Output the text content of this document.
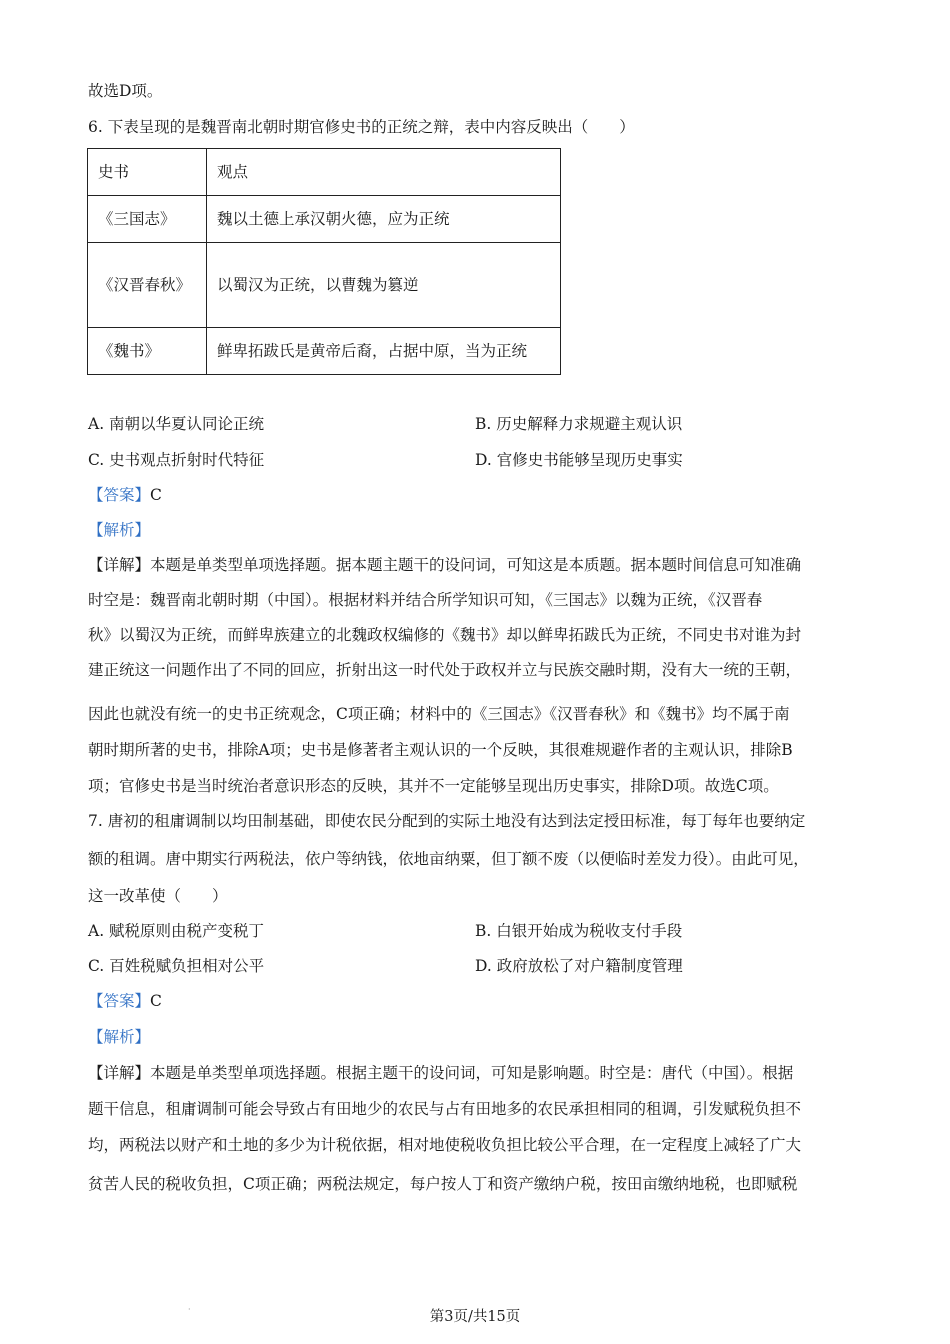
故选D项。
6. 下表呈现的是魏晋南北朝时期官修史书的正统之辩，表中内容反映出（　　）
史书	观点
《三国志》	魏以土德上承汉朝火德，应为正统
《汉晋春秋》	以蜀汉为正统，以曹魏为篡逆
《魏书》	鲜卑拓跋氏是黄帝后裔，占据中原，当为正统
A. 南朝以华夏认同论正统	B. 历史解释力求规避主观认识
C. 史书观点折射时代特征	D. 官修史书能够呈现历史事实
【答案】C
【解析】
【详解】本题是单类型单项选择题。据本题主题干的设问词，可知这是本质题。据本题时间信息可知准确
时空是：魏晋南北朝时期（中国）。根据材料并结合所学知识可知，《三国志》以魏为正统，《汉晋春
秋》以蜀汉为正统，而鲜卑族建立的北魏政权编修的《魏书》却以鲜卑拓跋氏为正统，不同史书对谁为封
建正统这一问题作出了不同的回应，折射出这一时代处于政权并立与民族交融时期，没有大一统的王朝，
因此也就没有统一的史书正统观念，C项正确；材料中的《三国志》《汉晋春秋》和《魏书》均不属于南
朝时期所著的史书，排除A项；史书是修著者主观认识的一个反映，其很难规避作者的主观认识，排除B
项；官修史书是当时统治者意识形态的反映，其并不一定能够呈现出历史事实，排除D项。故选C项。
7. 唐初的租庸调制以均田制基础，即使农民分配到的实际土地没有达到法定授田标准，每丁每年也要纳定
额的租调。唐中期实行两税法，依户等纳钱，依地亩纳粟，但丁额不废（以便临时差发力役）。由此可见，
这一改革使（　　）
A. 赋税原则由税产变税丁	B. 白银开始成为税收支付手段
C. 百姓税赋负担相对公平	D. 政府放松了对户籍制度管理
【答案】C
【解析】
【详解】本题是单类型单项选择题。根据主题干的设问词，可知是影响题。时空是：唐代（中国）。根据
题干信息，租庸调制可能会导致占有田地少的农民与占有田地多的农民承担相同的租调，引发赋税负担不
均，两税法以财产和土地的多少为计税依据，相对地使税收负担比较公平合理，在一定程度上减轻了广大
贫苦人民的税收负担，C项正确；两税法规定，每户按人丁和资产缴纳户税，按田亩缴纳地税，也即赋税
·	第3页/共15页
